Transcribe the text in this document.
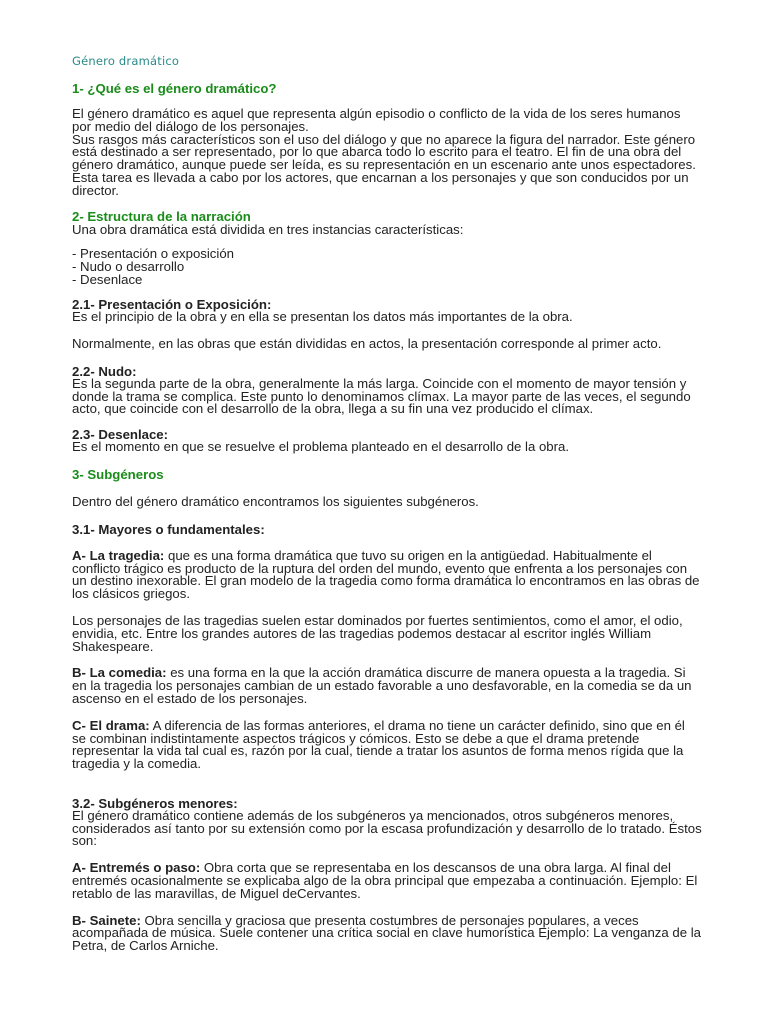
Género dramático
1- ¿Qué es el género dramático?

El género dramático es aquel que representa algún episodio o conflicto de la vida de los seres humanos por medio del diálogo de los personajes.

Sus rasgos más característicos son el uso del diálogo y que no aparece la figura del narrador. Este género está destinado a ser representado, por lo que abarca todo lo escrito para el teatro. El fin de una obra del género dramático, aunque puede ser leída, es su representación en un escenario ante unos espectadores.

Esta tarea es llevada a cabo por los actores, que encarnan a los personajes y que son conducidos por un director.

2- Estructura de la narración

Una obra dramática está dividida en tres instancias características:

- Presentación o exposición
- Nudo o desarrollo
- Desenlace
2.1- Presentación o Exposición:

Es el principio de la obra y en ella se presentan los datos más importantes de la obra.

Normalmente, en las obras que están divididas en actos, la presentación corresponde al primer acto.

2.2- Nudo:

Es la segunda parte de la obra, generalmente la más larga. Coincide con el momento de mayor tensión y donde la trama se complica. Este punto lo denominamos clímax. La mayor parte de las veces, el segundo acto, que coincide con el desarrollo de la obra, llega a su fin una vez producido el clímax.

2.3- Desenlace:

Es el momento en que se resuelve el problema planteado en el desarrollo de la obra.

3- Subgéneros

Dentro del género dramático encontramos los siguientes subgéneros.

3.1- Mayores o fundamentales:

A- La tragedia: que es una forma dramática que tuvo su origen en la antigüedad. Habitualmente el conflicto trágico es producto de la ruptura del orden del mundo, evento que enfrenta a los personajes con un destino inexorable. El gran modelo de la tragedia como forma dramática lo encontramos en las obras de los clásicos griegos.

Los personajes de las tragedias suelen estar dominados por fuertes sentimientos, como el amor, el odio, envidia, etc. Entre los grandes autores de las tragedias podemos destacar al escritor inglés William Shakespeare.

B- La comedia: es una forma en la que la acción dramática discurre de manera opuesta a la tragedia. Si en la tragedia los personajes cambian de un estado favorable a uno desfavorable, en la comedia se da un ascenso en el estado de los personajes.

C- El drama: A diferencia de las formas anteriores, el drama no tiene un carácter definido, sino que en él se combinan indistintamente aspectos trágicos y cómicos. Esto se debe a que el drama pretende representar la vida tal cual es, razón por la cual, tiende a tratar los asuntos de forma menos rígida que la tragedia y la comedia.

3.2- Subgéneros menores:

El género dramático contiene además de los subgéneros ya mencionados, otros subgéneros menores, considerados así tanto por su extensión como por la escasa profundización y desarrollo de lo tratado. Éstos son:

A- Entremés o paso: Obra corta que se representaba en los descansos de una obra larga. Al final del entremés ocasionalmente se explicaba algo de la obra principal que empezaba a continuación. Ejemplo: El retablo de las maravillas, de Miguel deCervantes.

B- Sainete: Obra sencilla y graciosa que presenta costumbres de personajes populares, a veces acompañada de música. Suele contener una crítica social en clave humorística Ejemplo: La venganza de la Petra, de Carlos Arniche.
